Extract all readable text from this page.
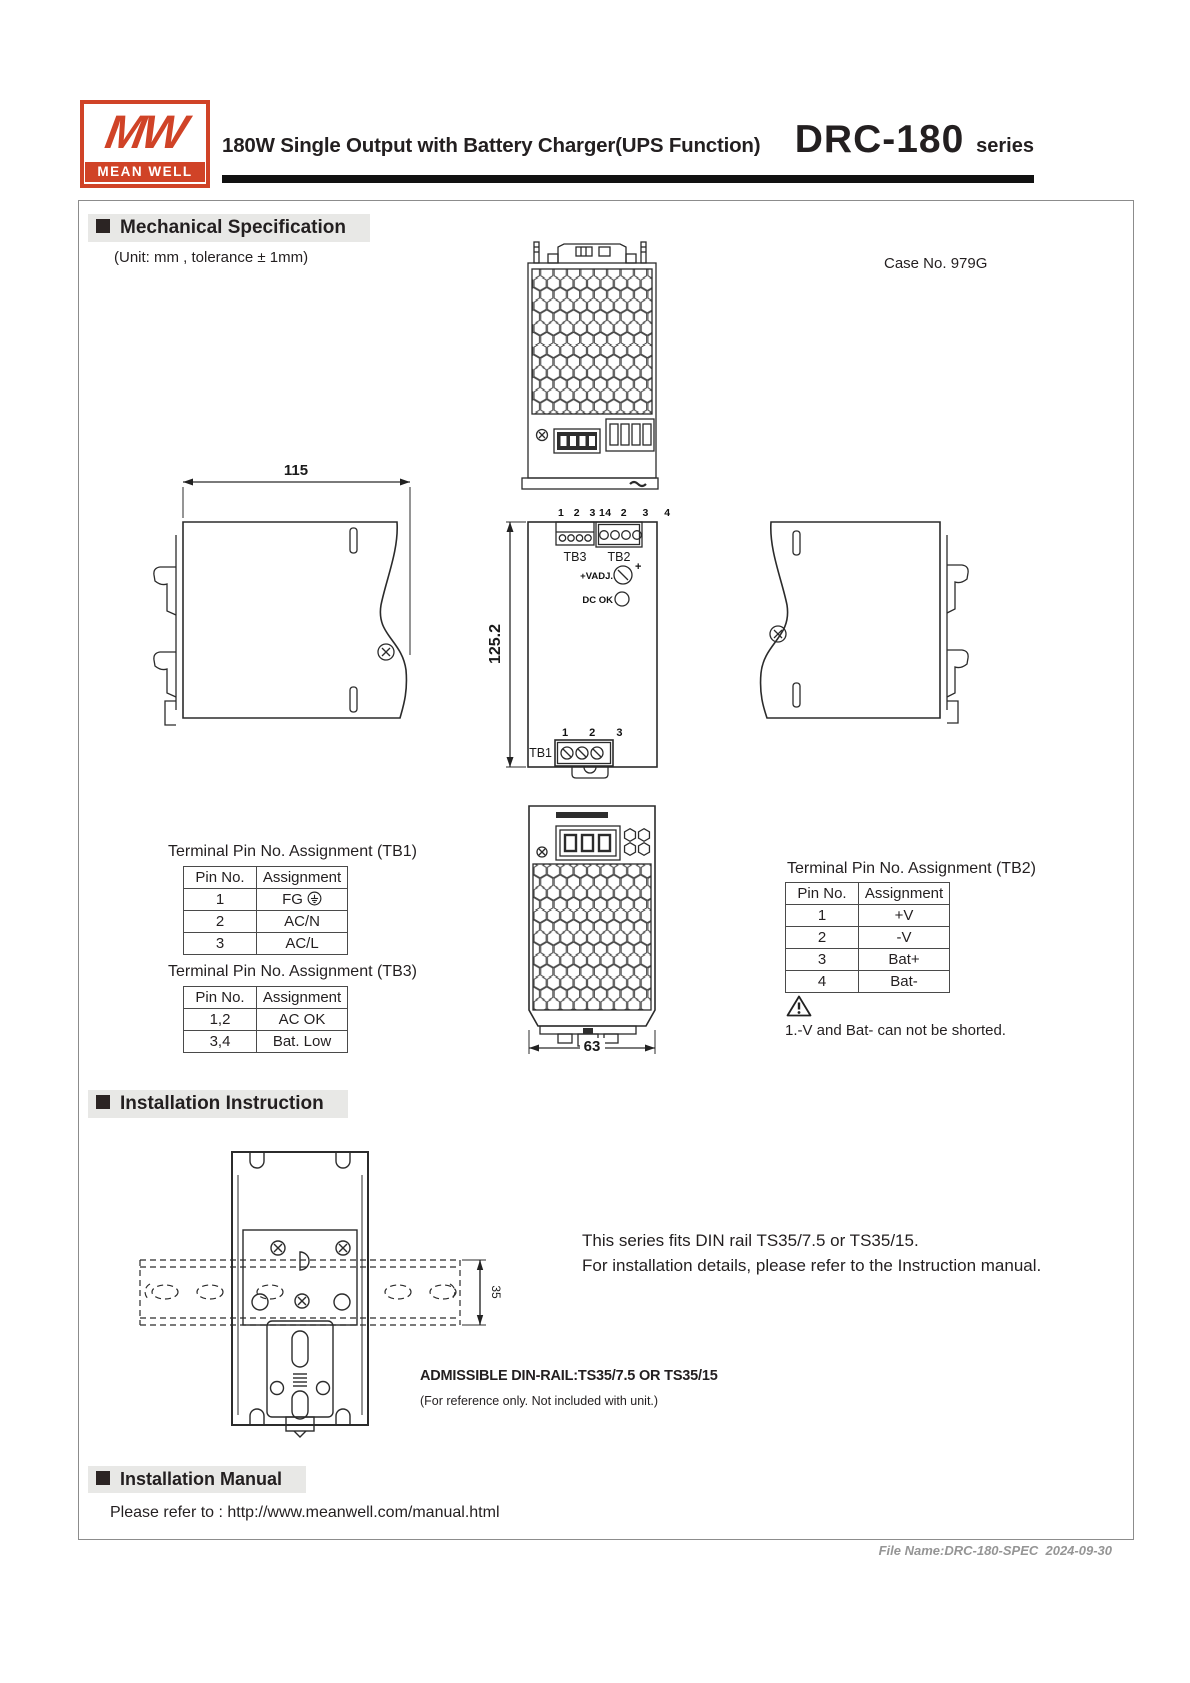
MW
MEAN WELL
180W Single Output with Battery Charger(UPS Function) DRC-180 series
Mechanical Specification
(Unit: mm , tolerance ± 1mm)	Case No. 979G
115
125.2
1 2 3 4
TB3
1 2 3 4
TB2
+VADJ.
+
DC OK
1 2 3
TB1
63
Terminal Pin No. Assignment (TB1)
Pin No.	Assignment
1	FG
2	AC/N
3	AC/L
Terminal Pin No. Assignment (TB3)
Pin No.	Assignment
1,2	AC OK
3,4	Bat. Low
Terminal Pin No. Assignment (TB2)
Pin No.	Assignment
1	+V
2	-V
3	Bat+
4	Bat-
1.-V and Bat- can not be shorted.
Installation Instruction
35
This series fits DIN rail TS35/7.5 or TS35/15.
For installation details, please refer to the Instruction manual.
ADMISSIBLE DIN-RAIL:TS35/7.5 OR TS35/15
(For reference only. Not included with unit.)
Installation Manual
Please refer to : http://www.meanwell.com/manual.html
File Name:DRC-180-SPEC  2024-09-30
